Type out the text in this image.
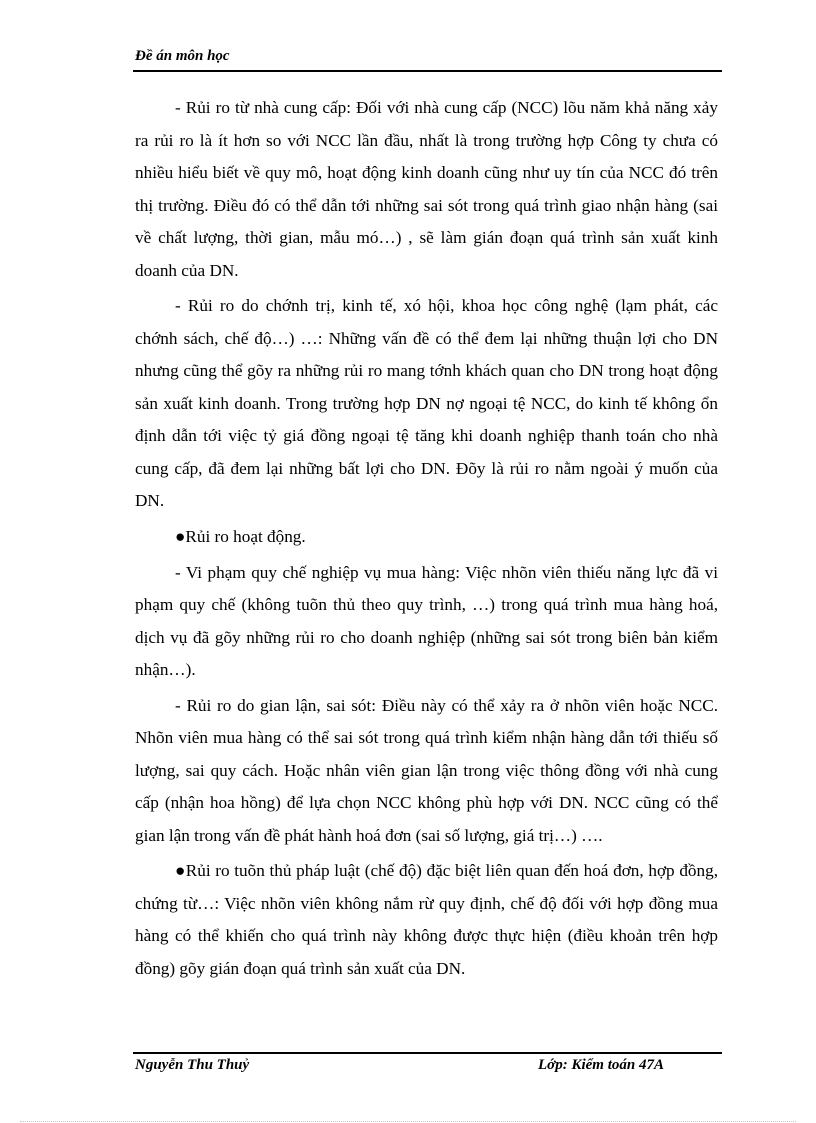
Đề án môn học

- Rủi ro từ nhà cung cấp: Đối với nhà cung cấp (NCC) lõu năm khả năng xảy ra rủi ro là ít hơn so với NCC lần đầu, nhất là trong trường hợp Công ty chưa có nhiều hiểu biết về quy mô, hoạt động kinh doanh cũng như uy tín của NCC đó trên thị trường. Điều đó có thể dẫn tới những sai sót trong quá trình giao nhận hàng (sai về chất lượng, thời gian, mẫu mó…) , sẽ làm gián đoạn quá trình sản xuất kinh doanh của DN.

- Rủi ro do chớnh trị, kinh tế, xó hội, khoa học công nghệ (lạm phát, các chớnh sách, chế độ…) …: Những vấn đề có thể đem lại những thuận lợi cho DN nhưng cũng thể gõy ra những rủi ro mang tớnh khách quan cho DN trong hoạt động sản xuất kinh doanh. Trong trường hợp DN nợ ngoại tệ NCC, do kinh tế không ổn định dẫn tới việc tỷ giá đồng ngoại tệ tăng khi doanh nghiệp thanh toán cho nhà cung cấp, đã đem lại những bất lợi cho DN. Đõy là rủi ro nằm ngoài ý muốn của DN.

●Rủi ro hoạt động.

- Vi phạm quy chế nghiệp vụ mua hàng: Việc nhõn viên thiếu năng lực đã vi phạm quy chế (không tuõn thủ theo quy trình, …) trong quá trình mua hàng hoá, dịch vụ đã gõy những rủi ro cho doanh nghiệp (những sai sót trong biên bản kiểm nhận…).

- Rủi ro do gian lận, sai sót: Điều này có thể xảy ra ở nhõn viên hoặc NCC. Nhõn viên mua hàng có thể sai sót trong quá trình kiểm nhận hàng dẫn tới thiếu số lượng, sai quy cách. Hoặc nhân viên gian lận trong việc thông đồng với nhà cung cấp (nhận hoa hồng) để lựa chọn NCC không phù hợp với DN. NCC cũng có thể gian lận trong vấn đề phát hành hoá đơn (sai số lượng, giá trị…) ….

●Rủi ro tuõn thủ pháp luật (chế độ) đặc biệt liên quan đến hoá đơn, hợp đồng, chứng từ…: Việc nhõn viên không nắm rừ quy định, chế độ đối với hợp đồng mua hàng có thể khiến cho quá trình này không được thực hiện (điều khoản trên hợp đồng) gõy gián đoạn quá trình sản xuất của DN.

Nguyễn Thu Thuỷ	Lớp: Kiểm toán 47A
